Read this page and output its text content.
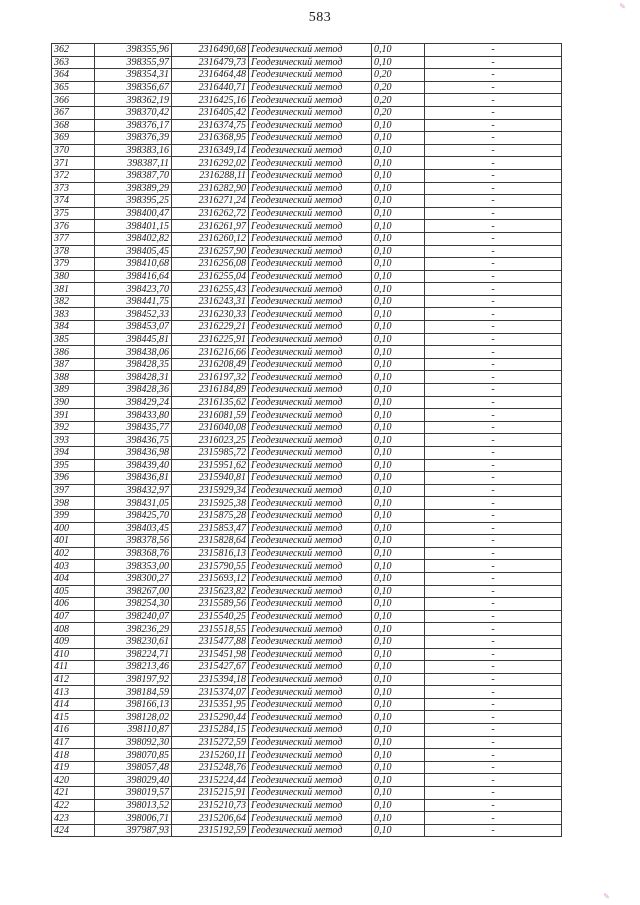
583
✎
✎
362	398355,96	2316490,68	Геодезический метод	0,10	-
363	398355,97	2316479,73	Геодезический метод	0,10	-
364	398354,31	2316464,48	Геодезический метод	0,20	-
365	398356,67	2316440,71	Геодезический метод	0,20	-
366	398362,19	2316425,16	Геодезический метод	0,20	-
367	398370,42	2316405,42	Геодезический метод	0,20	-
368	398376,17	2316374,75	Геодезический метод	0,10	-
369	398376,39	2316368,95	Геодезический метод	0,10	-
370	398383,16	2316349,14	Геодезический метод	0,10	-
371	398387,11	2316292,02	Геодезический метод	0,10	-
372	398387,70	2316288,11	Геодезический метод	0,10	-
373	398389,29	2316282,90	Геодезический метод	0,10	-
374	398395,25	2316271,24	Геодезический метод	0,10	-
375	398400,47	2316262,72	Геодезический метод	0,10	-
376	398401,15	2316261,97	Геодезический метод	0,10	-
377	398402,82	2316260,12	Геодезический метод	0,10	-
378	398405,45	2316257,90	Геодезический метод	0,10	-
379	398410,68	2316256,08	Геодезический метод	0,10	-
380	398416,64	2316255,04	Геодезический метод	0,10	-
381	398423,70	2316255,43	Геодезический метод	0,10	-
382	398441,75	2316243,31	Геодезический метод	0,10	-
383	398452,33	2316230,33	Геодезический метод	0,10	-
384	398453,07	2316229,21	Геодезический метод	0,10	-
385	398445,81	2316225,91	Геодезический метод	0,10	-
386	398438,06	2316216,66	Геодезический метод	0,10	-
387	398428,35	2316208,49	Геодезический метод	0,10	-
388	398428,31	2316197,32	Геодезический метод	0,10	-
389	398428,36	2316184,89	Геодезический метод	0,10	-
390	398429,24	2316135,62	Геодезический метод	0,10	-
391	398433,80	2316081,59	Геодезический метод	0,10	-
392	398435,77	2316040,08	Геодезический метод	0,10	-
393	398436,75	2316023,25	Геодезический метод	0,10	-
394	398436,98	2315985,72	Геодезический метод	0,10	-
395	398439,40	2315951,62	Геодезический метод	0,10	-
396	398436,81	2315940,81	Геодезический метод	0,10	-
397	398432,97	2315929,34	Геодезический метод	0,10	-
398	398431,05	2315925,38	Геодезический метод	0,10	-
399	398425,70	2315875,28	Геодезический метод	0,10	-
400	398403,45	2315853,47	Геодезический метод	0,10	-
401	398378,56	2315828,64	Геодезический метод	0,10	-
402	398368,76	2315816,13	Геодезический метод	0,10	-
403	398353,00	2315790,55	Геодезический метод	0,10	-
404	398300,27	2315693,12	Геодезический метод	0,10	-
405	398267,00	2315623,82	Геодезический метод	0,10	-
406	398254,30	2315589,56	Геодезический метод	0,10	-
407	398240,07	2315540,25	Геодезический метод	0,10	-
408	398236,29	2315518,55	Геодезический метод	0,10	-
409	398230,61	2315477,88	Геодезический метод	0,10	-
410	398224,71	2315451,98	Геодезический метод	0,10	-
411	398213,46	2315427,67	Геодезический метод	0,10	-
412	398197,92	2315394,18	Геодезический метод	0,10	-
413	398184,59	2315374,07	Геодезический метод	0,10	-
414	398166,13	2315351,95	Геодезический метод	0,10	-
415	398128,02	2315290,44	Геодезический метод	0,10	-
416	398110,87	2315284,15	Геодезический метод	0,10	-
417	398092,30	2315272,59	Геодезический метод	0,10	-
418	398070,85	2315260,11	Геодезический метод	0,10	-
419	398057,48	2315248,76	Геодезический метод	0,10	-
420	398029,40	2315224,44	Геодезический метод	0,10	-
421	398019,57	2315215,91	Геодезический метод	0,10	-
422	398013,52	2315210,73	Геодезический метод	0,10	-
423	398006,71	2315206,64	Геодезический метод	0,10	-
424	397987,93	2315192,59	Геодезический метод	0,10	-
